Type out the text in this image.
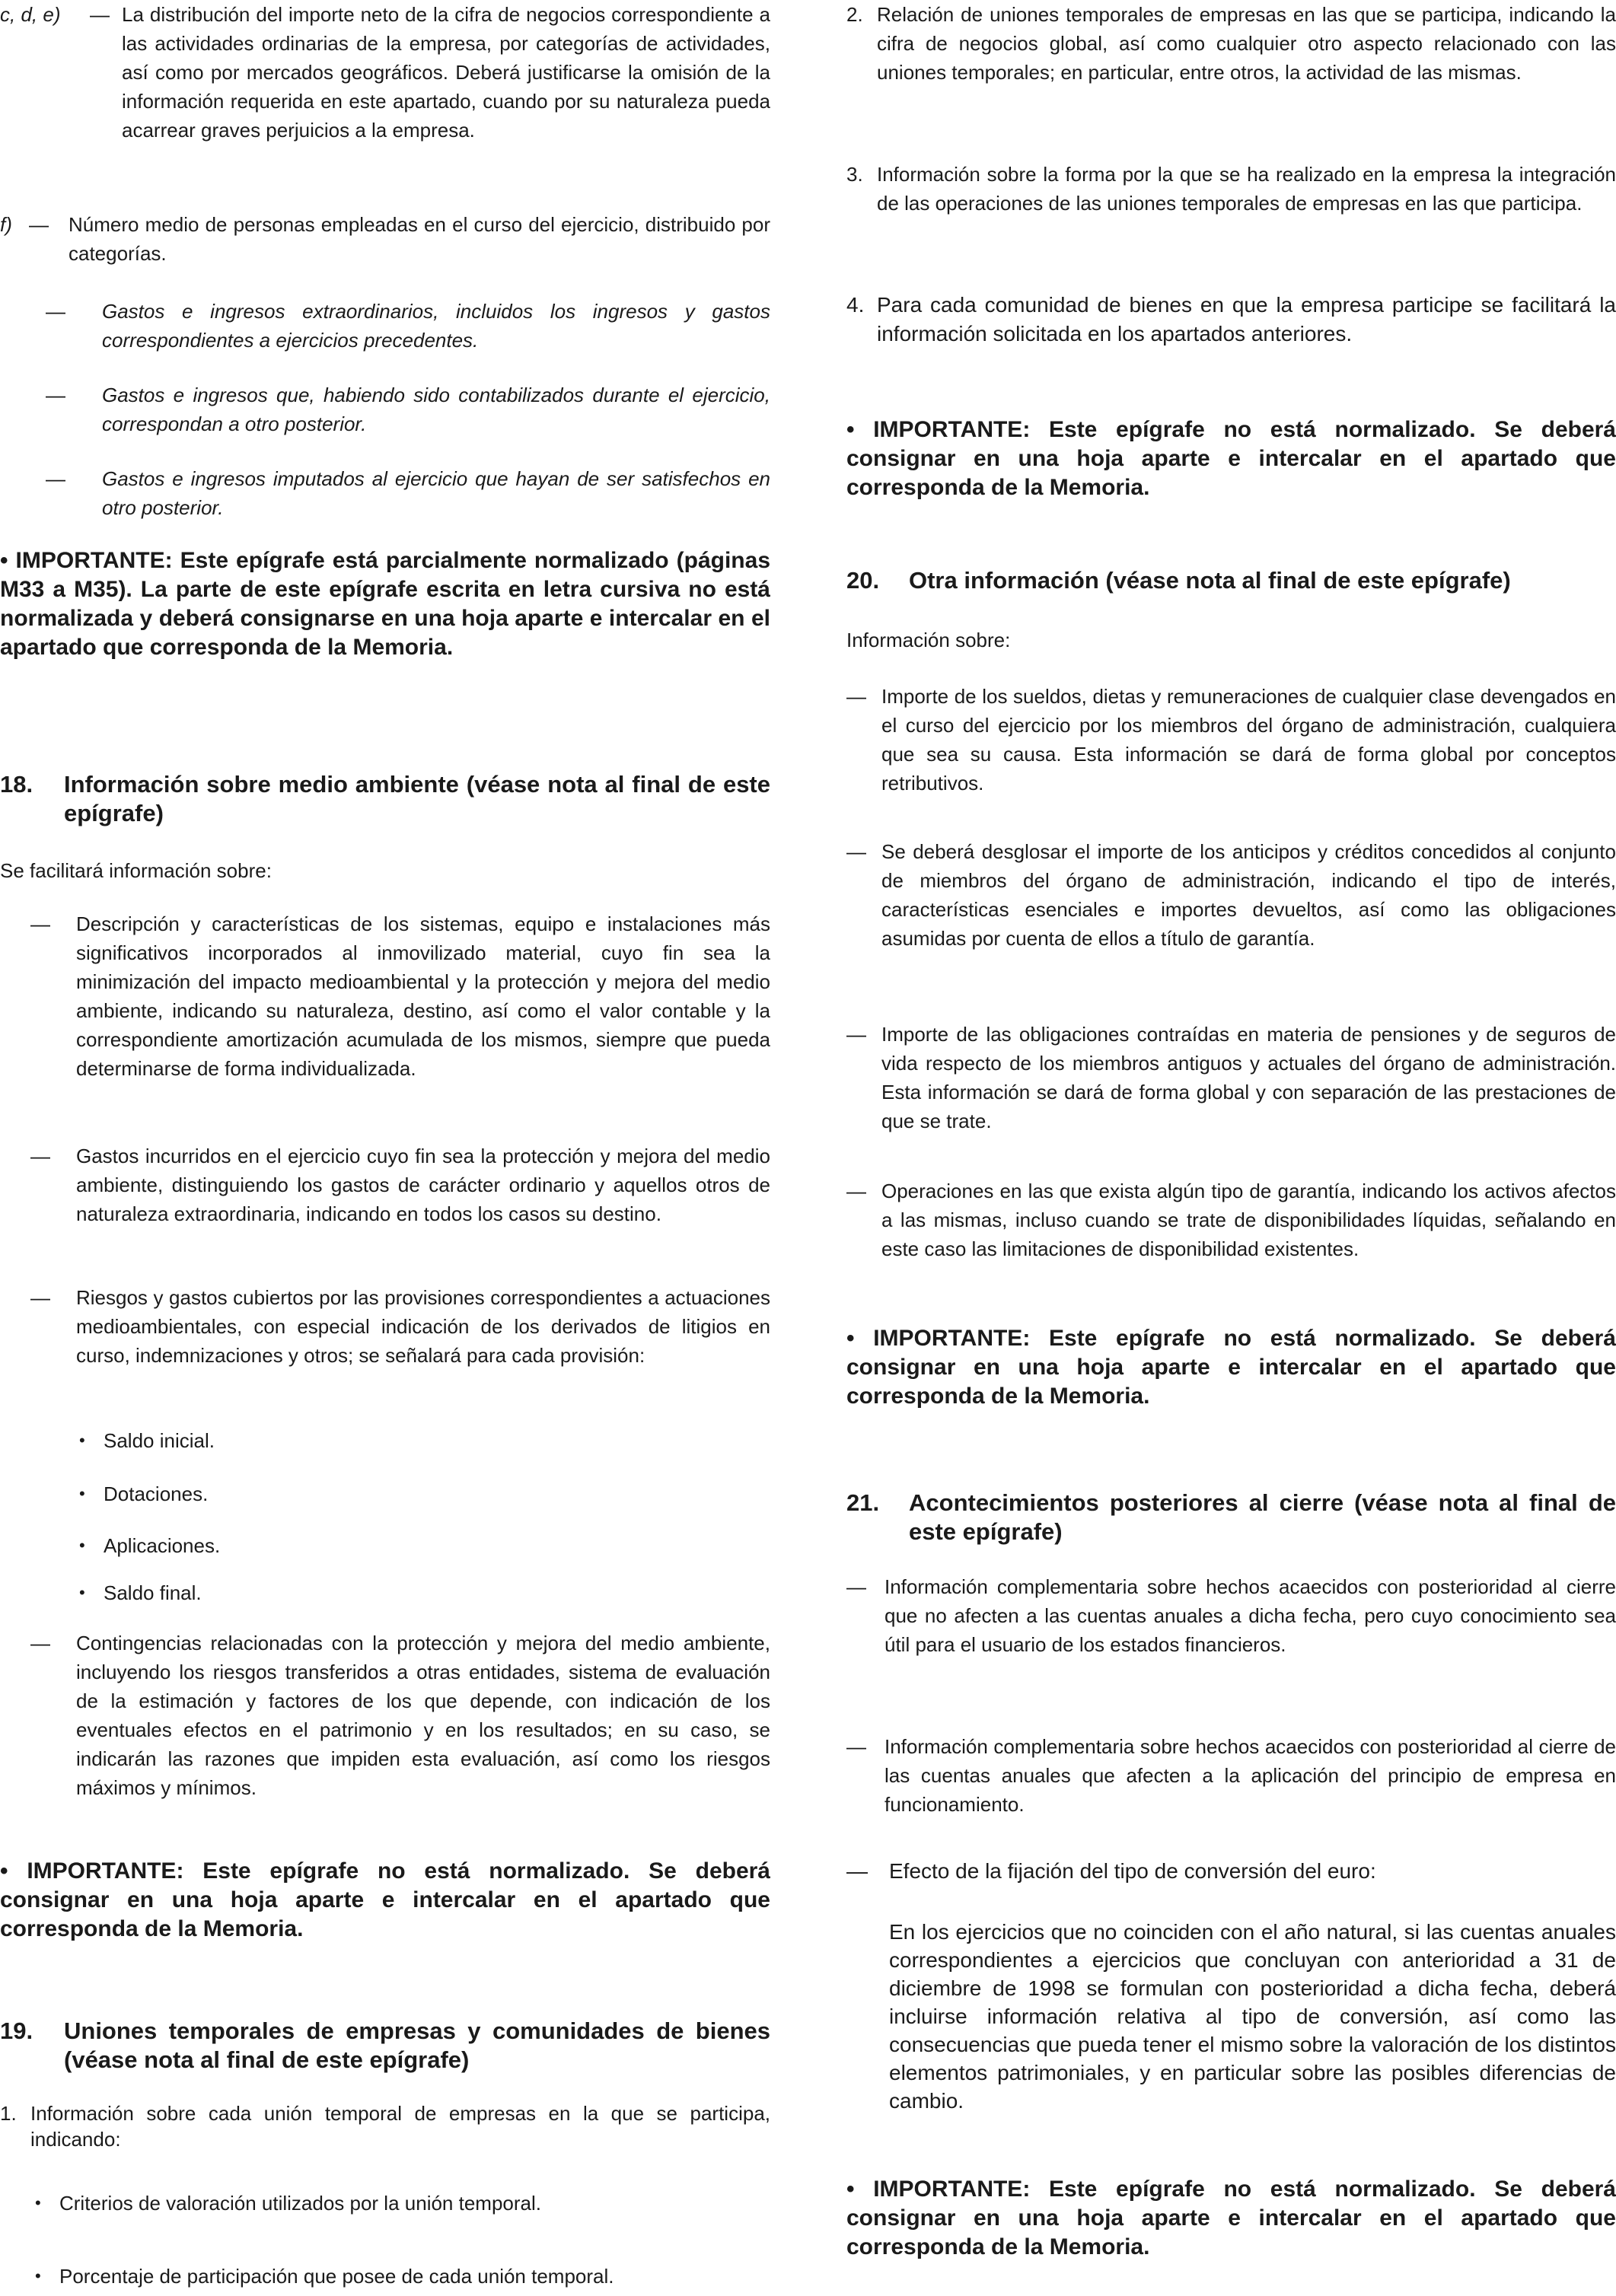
c, d, e)	La distribución del importe neto de la cifra de negocios correspondiente a las actividades ordinarias de la empresa, por categorías de actividades, así como por mercados geográficos. Deberá justificarse la omisión de la información requerida en este apartado, cuando por su naturaleza pueda acarrear graves perjuicios a la empresa.
—
f)	Número medio de personas empleadas en el curso del ejercicio, distribuido por categorías.
—
—	Gastos e ingresos extraordinarios, incluidos los ingresos y gastos correspondientes a ejercicios precedentes.
—	Gastos e ingresos que, habiendo sido contabilizados durante el ejercicio, correspondan a otro posterior.
—	Gastos e ingresos imputados al ejercicio que hayan de ser satisfechos en otro posterior.
• IMPORTANTE: Este epígrafe está parcialmente normalizado (páginas M33 a M35). La parte de este epígrafe escrita en letra cursiva no está normalizada y deberá consignarse en una hoja aparte e intercalar en el apartado que corresponda de la Memoria.
18.	Información sobre medio ambiente (véase nota al final de este epígrafe)

Se facilitará información sobre:

—	Descripción y características de los sistemas, equipo e instalaciones más significativos incorporados al inmovilizado material, cuyo fin sea la minimización del impacto medioambiental y la protección y mejora del medio ambiente, indicando su naturaleza, destino, así como el valor contable y la correspondiente amortización acumulada de los mismos, siempre que pueda determinarse de forma individualizada.
—	Gastos incurridos en el ejercicio cuyo fin sea la protección y mejora del medio ambiente, distinguiendo los gastos de carácter ordinario y aquellos otros de naturaleza extraordinaria, indicando en todos los casos su destino.
—	Riesgos y gastos cubiertos por las provisiones correspondientes a actuaciones medioambientales, con especial indicación de los derivados de litigios en curso, indemnizaciones y otros; se señalará para cada provisión:
• Saldo inicial.
• Dotaciones.
• Aplicaciones.
• Saldo final.
—	Contingencias relacionadas con la protección y mejora del medio ambiente, incluyendo los riesgos transferidos a otras entidades, sistema de evaluación de la estimación y factores de los que depende, con indicación de los eventuales efectos en el patrimonio y en los resultados; en su caso, se indicarán las razones que impiden esta evaluación, así como los riesgos máximos y mínimos.
• IMPORTANTE: Este epígrafe no está normalizado. Se deberá consignar en una hoja aparte e intercalar en el apartado que corresponda de la Memoria.
19.	Uniones temporales de empresas y comunidades de bienes (véase nota al final de este epígrafe)
1. Información sobre cada unión temporal de empresas en la que se participa, indicando:
• Criterios de valoración utilizados por la unión temporal.
• Porcentaje de participación que posee de cada unión temporal.
2. Relación de uniones temporales de empresas en las que se participa, indicando la cifra de negocios global, así como cualquier otro aspecto relacionado con las uniones temporales; en particular, entre otros, la actividad de las mismas.
3. Información sobre la forma por la que se ha realizado en la empresa la integración de las operaciones de las uniones temporales de empresas en las que participa.
4. Para cada comunidad de bienes en que la empresa participe se facilitará la información solicitada en los apartados anteriores.
• IMPORTANTE: Este epígrafe no está normalizado. Se deberá consignar en una hoja aparte e intercalar en el apartado que corresponda de la Memoria.
20.	Otra información (véase nota al final de este epígrafe)

Información sobre:

— Importe de los sueldos, dietas y remuneraciones de cualquier clase devengados en el curso del ejercicio por los miembros del órgano de administración, cualquiera que sea su causa. Esta información se dará de forma global por conceptos retributivos.
— Se deberá desglosar el importe de los anticipos y créditos concedidos al conjunto de miembros del órgano de administración, indicando el tipo de interés, características esenciales e importes devueltos, así como las obligaciones asumidas por cuenta de ellos a título de garantía.
— Importe de las obligaciones contraídas en materia de pensiones y de seguros de vida respecto de los miembros antiguos y actuales del órgano de administración. Esta información se dará de forma global y con separación de las prestaciones de que se trate.
— Operaciones en las que exista algún tipo de garantía, indicando los activos afectos a las mismas, incluso cuando se trate de disponibilidades líquidas, señalando en este caso las limitaciones de disponibilidad existentes.
• IMPORTANTE: Este epígrafe no está normalizado. Se deberá consignar en una hoja aparte e intercalar en el apartado que corresponda de la Memoria.
21.	Acontecimientos posteriores al cierre (véase nota al final de este epígrafe)
— Información complementaria sobre hechos acaecidos con posterioridad al cierre que no afecten a las cuentas anuales a dicha fecha, pero cuyo conocimiento sea útil para el usuario de los estados financieros.
— Información complementaria sobre hechos acaecidos con posterioridad al cierre de las cuentas anuales que afecten a la aplicación del principio de empresa en funcionamiento.
—	Efecto de la fijación del tipo de conversión del euro:

En los ejercicios que no coinciden con el año natural, si las cuentas anuales correspondientes a ejercicios que concluyan con anterioridad a 31 de diciembre de 1998 se formulan con posterioridad a dicha fecha, deberá incluirse información relativa al tipo de conversión, así como las consecuencias que pueda tener el mismo sobre la valoración de los distintos elementos patrimoniales, y en particular sobre las posibles diferencias de cambio.

• IMPORTANTE: Este epígrafe no está normalizado. Se deberá consignar en una hoja aparte e intercalar en el apartado que corresponda de la Memoria.
